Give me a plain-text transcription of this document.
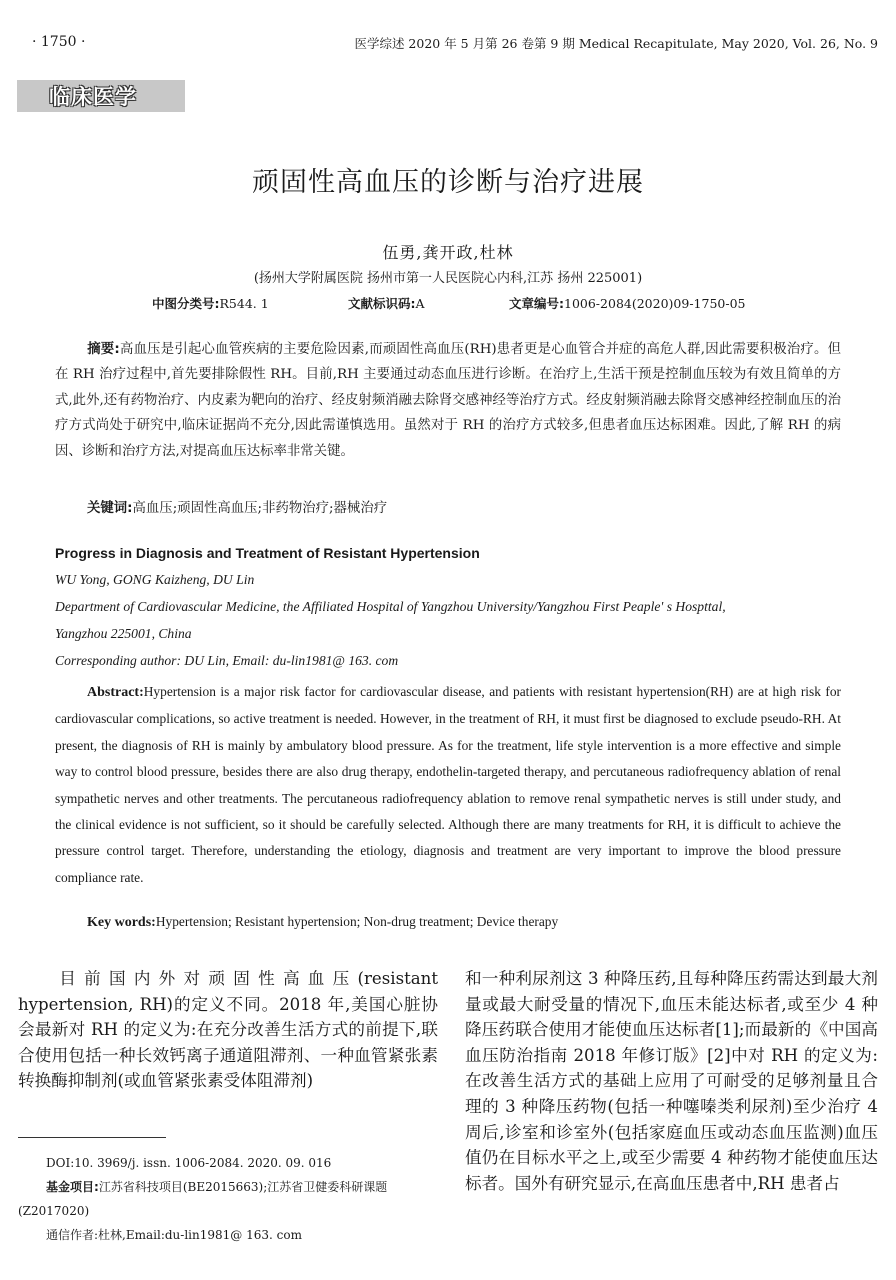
· 1750 ·	医学综述 2020 年 5 月第 26 卷第 9 期 Medical Recapitulate, May 2020, Vol. 26, No. 9
临床医学
顽固性高血压的诊断与治疗进展
伍勇,龚开政,杜林
(扬州大学附属医院 扬州市第一人民医院心内科,江苏 扬州 225001)
中图分类号:R544. 1	文献标识码:A	文章编号:1006-2084(2020)09-1750-05
摘要:高血压是引起心血管疾病的主要危险因素,而顽固性高血压(RH)患者更是心血管合并症的高危人群,因此需要积极治疗。但在 RH 治疗过程中,首先要排除假性 RH。目前,RH 主要通过动态血压进行诊断。在治疗上,生活干预是控制血压较为有效且简单的方式,此外,还有药物治疗、内皮素为靶向的治疗、经皮射频消融去除肾交感神经等治疗方式。经皮射频消融去除肾交感神经控制血压的治疗方式尚处于研究中,临床证据尚不充分,因此需谨慎选用。虽然对于 RH 的治疗方式较多,但患者血压达标困难。因此,了解 RH 的病因、诊断和治疗方法,对提高血压达标率非常关键。
关键词:高血压;顽固性高血压;非药物治疗;器械治疗
Progress in Diagnosis and Treatment of Resistant Hypertension
WU Yong, GONG Kaizheng, DU Lin
Department of Cardiovascular Medicine, the Affiliated Hospital of Yangzhou University/Yangzhou First Peaple' s Hospttal,
Yangzhou 225001, China
Corresponding author: DU Lin, Email: du-lin1981@ 163. com
Abstract:Hypertension is a major risk factor for cardiovascular disease, and patients with resistant hypertension(RH) are at high risk for cardiovascular complications, so active treatment is needed. However, in the treatment of RH, it must first be diagnosed to exclude pseudo-RH. At present, the diagnosis of RH is mainly by ambulatory blood pressure. As for the treatment, life style intervention is a more effective and simple way to control blood pressure, besides there are also drug therapy, endothelin-targeted therapy, and percutaneous radiofrequency ablation of renal sympathetic nerves and other treatments. The percutaneous radiofrequency ablation to remove renal sympathetic nerves is still under study, and the clinical evidence is not sufficient, so it should be carefully selected. Although there are many treatments for RH, it is difficult to achieve the pressure control target. Therefore, understanding the etiology, diagnosis and treatment are very important to improve the blood pressure compliance rate.
Key words:Hypertension; Resistant hypertension; Non-drug treatment; Device therapy
目前国内外对顽固性高血压(resistant hypertension, RH)的定义不同。2018 年,美国心脏协会最新对 RH 的定义为:在充分改善生活方式的前提下,联合使用包括一种长效钙离子通道阻滞剂、一种血管紧张素转换酶抑制剂(或血管紧张素受体阻滞剂)
和一种利尿剂这 3 种降压药,且每种降压药需达到最大剂量或最大耐受量的情况下,血压未能达标者,或至少 4 种降压药联合使用才能使血压达标者[1];而最新的《中国高血压防治指南 2018 年修订版》[2]中对 RH 的定义为:在改善生活方式的基础上应用了可耐受的足够剂量且合理的 3 种降压药物(包括一种噻嗪类利尿剂)至少治疗 4 周后,诊室和诊室外(包括家庭血压或动态血压监测)血压值仍在目标水平之上,或至少需要 4 种药物才能使血压达标者。国外有研究显示,在高血压患者中,RH 患者占
DOI:10. 3969/j. issn. 1006-2084. 2020. 09. 016
基金项目:江苏省科技项目(BE2015663);江苏省卫健委科研课题(Z2017020)
通信作者:杜林,Email:du-lin1981@ 163. com
